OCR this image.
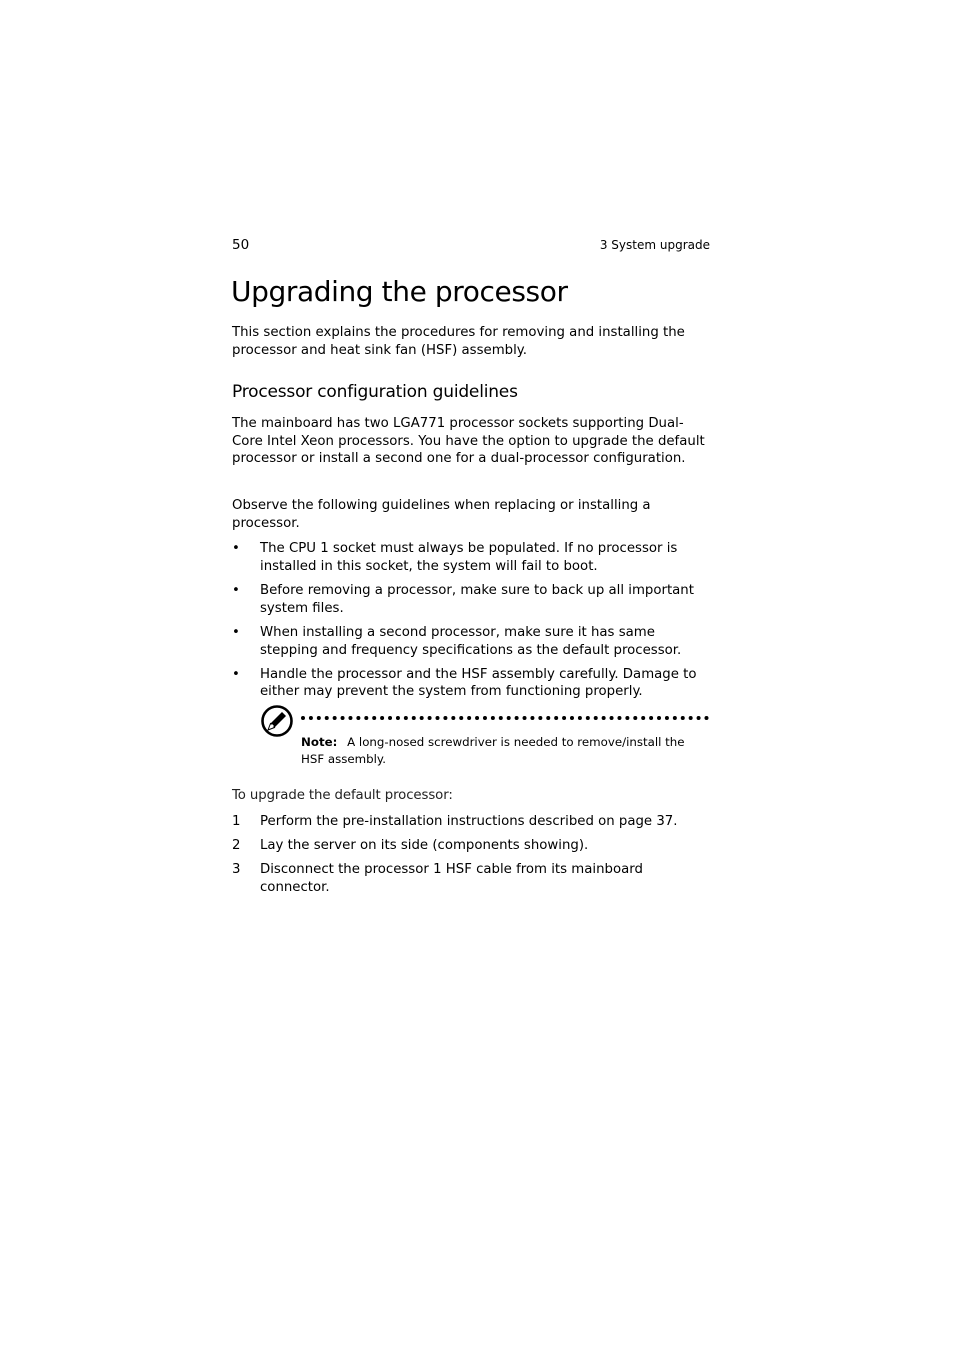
50	3 System upgrade
Upgrading the processor

This section explains the procedures for removing and installing the processor and heat sink fan (HSF) assembly.

Processor configuration guidelines

The mainboard has two LGA771 processor sockets supporting Dual-Core Intel Xeon processors. You have the option to upgrade the default processor or install a second one for a dual-processor configuration.

Observe the following guidelines when replacing or installing a processor.

• The CPU 1 socket must always be populated. If no processor is installed in this socket, the system will fail to boot.
• Before removing a processor, make sure to back up all important system files.
• When installing a second processor, make sure it has same stepping and frequency specifications as the default processor.
• Handle the processor and the HSF assembly carefully. Damage to either may prevent the system from functioning properly.

Note: A long-nosed screwdriver is needed to remove/install the HSF assembly.

To upgrade the default processor:
1 Perform the pre-installation instructions described on page 37.
2 Lay the server on its side (components showing).
3 Disconnect the processor 1 HSF cable from its mainboard connector.
